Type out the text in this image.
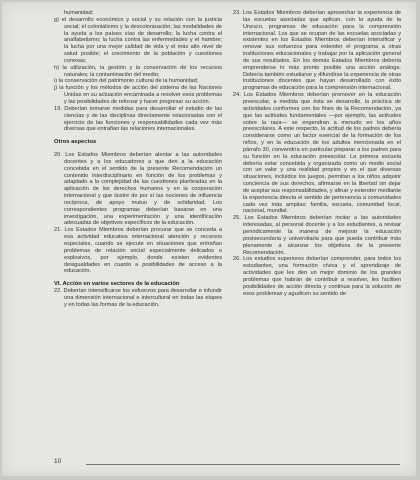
humanidad;
g) el desarrollo económico y social y su relación con la justicia social; el colonialismo y la descolonización; las modalidades de la ayuda a los países vías de desarrollo; la lucha contra el analfabetismo; la lucha contra las enfermedades y el hambre; la lucha por una mejor calidad de vida y el más alto nivel de salud posible; el crecimiento de la población y cuestiones conexas;
h) la utilización, la gestión y la conservación de los recursos naturales; la contaminación del medio;
i) la conservación del patrimonio cultural de la humanidad;
j) la función y los métodos de acción del sistema de las Naciones Unidas en su actuación encaminada a resolver esos problemas y las posibilidades de reforzar y hacer progresar su acción.
19. Deberían tomarse medidas para desarrollar el estudio de las ciencias y de las disciplinas directamente relacionadas con el ejercicio de las funciones y responsabilidades cada vez más diversas que entrañan las relaciones internacionales.
Otros aspectos
20. Los Estados Miembros deberían alentar a las autoridades docentes y a los educadores a que den a la educación concebida en el sentido de la presente Recomendación un contenido interdisciplinario en función de los problemas y adaptado a la complejidad de las cuestiones planteadas en la aplicación de los derechos humanos y en la cooperación internacional y que ilustre de por sí las nociones de influencia recíproca, de apoyo mutuo y de solidaridad. Los correspondientes programas deberían basarse en una investigación, una experimentación y una identificación adecuadas de objetivos específicos de la educación.
21. Los Estados Miembros deberían procurar que se conceda a esa actividad educativa internacional atención y recursos especiales, cuando se ejecute en situaciones que entrañan problemas de relación social especialmente delicados o explosivos, por ejemplo, donde existen evidentes desigualdades en cuanto a posibilidades de acceso a la educación.
VI. Acción en varios sectores de la educación
22. Deberían intensificarse los esfuerzos para desarrollar e infundir una dimensión internacional e intercultural en todas las etapes y en todas las formas de la educación.
23. Los Estados Miembros deberían aprovechar la experiencia de las escuelas asociadas que aplican, con la ayuda de la Unesco, programas de educación para la comprensión internacional. Los que se ocupan de las escuelas asociadas y existentes en los Estados Miembros deberían intensificar y renovar sus esfuerzos para extender el programa a otras instituciones educacionales y trabajar por la aplicación general de sus resultados. En los demás Estados Miembros debería emprenderse lo más pronto posible una acción análoga. Debería también estudiarse y difundirse la experiencia de otras instituciones docentes que hayan desarrollado con éxito programas de educación para la comprensión internacional.
24. Los Estados Miembros deberían promover en la educación preescolar, a medida que ésta se desarrolle, la práctica de actividades conformes con los fines de la Recomendación, ya que las actitudes fundamentales —por ejemplo, las actitudes sobre la raza— se engendran a menudo en los años preescolares. A este respecto, la actitud de los padres debería considerarse como un factor esencial de la formación de los niños, y en la educación de los adultos mencionada en el párrafo 30, convendría en particular preparar a los padres para su función en la educación preescolar. La primera escuela debería estar concebida y organizada como un medio social con un valor y una realidad propios y en el que diversas situaciones, incluidos los juegos, permitan a los niños adquirir conciencia de sus derechos, afirmarse en la libertad sin dejar de aceptar sus responsabilidades, y afinar y extender mediante la experiencia directa el sentido de pertenencia a comunidades cada vez más amplias: familia, escuela, comunidad local, nacional, mundial.
25. Los Estados Miembros deberían incitar a las autoridades interesadas, al personal docente y a los estudiantes, a revisar periódicamente la manera de mejorar la educación postsecundaria y universitaria para que pueda contribuir más plenamente a alcanzar los objetivos de la presente Recomendación.
26. Los estudios superiores deberían comprender, para todos los estudiantes, una formación cívica y el aprendizaje de actividades que les den un mejor dominio de los grandes problemas que habrán de contribuir a resolver, les faciliten posibilidades de acción directa y continua para la solución de esos problemas y agudicen su sentido de
10
